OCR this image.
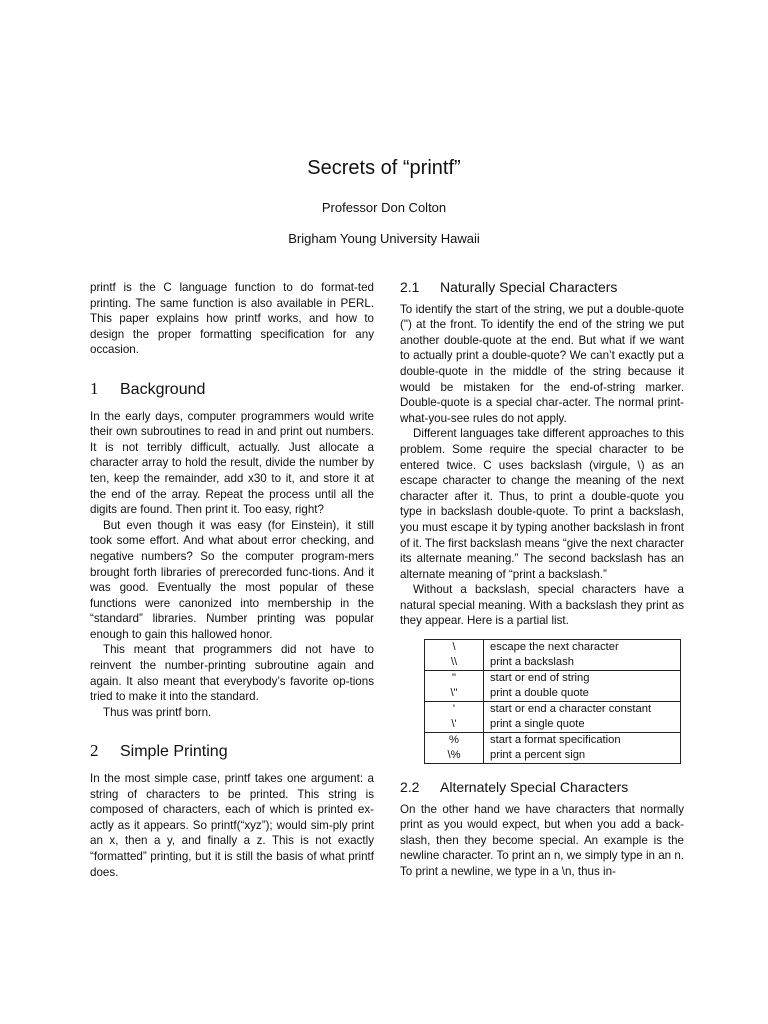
Secrets of “printf”
Professor Don Colton
Brigham Young University Hawaii

printf is the C language function to do format-ted printing. The same function is also available in PERL. This paper explains how printf works, and how to design the proper formatting specification for any occasion.

1	Background

In the early days, computer programmers would write their own subroutines to read in and print out numbers. It is not terribly difficult, actually. Just allocate a character array to hold the result, divide the number by ten, keep the remainder, add x30 to it, and store it at the end of the array. Repeat the process until all the digits are found. Then print it. Too easy, right?

But even though it was easy (for Einstein), it still took some effort. And what about error checking, and negative numbers? So the computer program-mers brought forth libraries of prerecorded func-tions. And it was good. Eventually the most popular of these functions were canonized into membership in the “standard” libraries. Number printing was popular enough to gain this hallowed honor.

This meant that programmers did not have to reinvent the number-printing subroutine again and again. It also meant that everybody’s favorite op-tions tried to make it into the standard.

Thus was printf born.

2	Simple Printing

In the most simple case, printf takes one argument: a string of characters to be printed. This string is composed of characters, each of which is printed ex-actly as it appears. So printf(“xyz”); would sim-ply print an x, then a y, and finally a z. This is not exactly “formatted” printing, but it is still the basis of what printf does.

2.1	Naturally Special Characters

To identify the start of the string, we put a double-quote (") at the front. To identify the end of the string we put another double-quote at the end. But what if we want to actually print a double-quote? We can’t exactly put a double-quote in the middle of the string because it would be mistaken for the end-of-string marker. Double-quote is a special char-acter. The normal print-what-you-see rules do not apply.

Different languages take different approaches to this problem. Some require the special character to be entered twice. C uses backslash (virgule, \) as an escape character to change the meaning of the next character after it. Thus, to print a double-quote you type in backslash double-quote. To print a backslash, you must escape it by typing another backslash in front of it. The first backslash means “give the next character its alternate meaning.” The second backslash has an alternate meaning of “print a backslash.”

Without a backslash, special characters have a natural special meaning. With a backslash they print as they appear. Here is a partial list.

\	escape the next character
\\	print a backslash
"	start or end of string
\"	print a double quote
'	start or end a character constant
\'	print a single quote
%	start a format specification
\%	print a percent sign
2.2	Alternately Special Characters

On the other hand we have characters that normally print as you would expect, but when you add a back-slash, then they become special. An example is the newline character. To print an n, we simply type in an n. To print a newline, we type in a \n, thus in-
